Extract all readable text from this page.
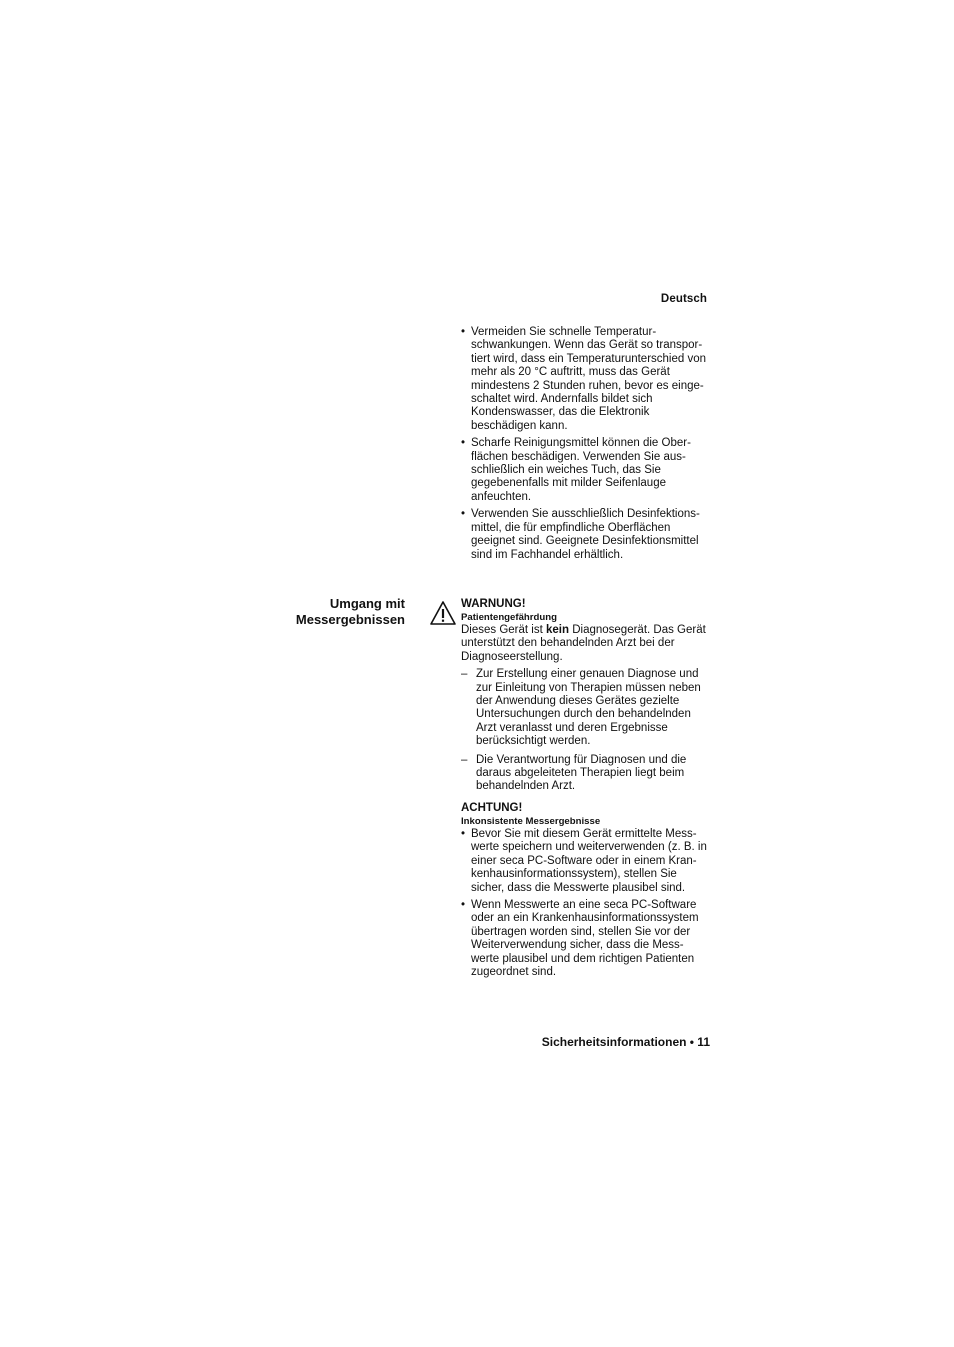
Deutsch
• Vermeiden Sie schnelle Temperatur-schwankungen. Wenn das Gerät so transpor-tiert wird, dass ein Temperaturunterschied von mehr als 20 °C auftritt, muss das Gerät mindestens 2 Stunden ruhen, bevor es einge-schaltet wird. Andernfalls bildet sich Kondenswasser, das die Elektronik beschädigen kann.
• Scharfe Reinigungsmittel können die Ober-flächen beschädigen. Verwenden Sie aus-schließlich ein weiches Tuch, das Sie gegebenenfalls mit milder Seifenlauge anfeuchten.
• Verwenden Sie ausschließlich Desinfektions-mittel, die für empfindliche Oberflächen geeignet sind. Geeignete Desinfektionsmittel sind im Fachhandel erhältlich.
Umgang mit
Messergebnissen
WARNUNG!
Patientengefährdung

Dieses Gerät ist kein Diagnosegerät. Das Gerät unterstützt den behandelnden Arzt bei der Diagnoseerstellung.

– Zur Erstellung einer genauen Diagnose und zur Einleitung von Therapien müssen neben der Anwendung dieses Gerätes gezielte Untersuchungen durch den behandelnden Arzt veranlasst und deren Ergebnisse berücksichtigt werden.
– Die Verantwortung für Diagnosen und die daraus abgeleiteten Therapien liegt beim behandelnden Arzt.
ACHTUNG!
Inkonsistente Messergebnisse
• Bevor Sie mit diesem Gerät ermittelte Mess-werte speichern und weiterverwenden (z. B. in einer seca PC-Software oder in einem Kran-kenhausinformationssystem), stellen Sie sicher, dass die Messwerte plausibel sind.
• Wenn Messwerte an eine seca PC-Software oder an ein Krankenhausinformationssystem übertragen worden sind, stellen Sie vor der Weiterverwendung sicher, dass die Mess-werte plausibel und dem richtigen Patienten zugeordnet sind.
Sicherheitsinformationen • 11
